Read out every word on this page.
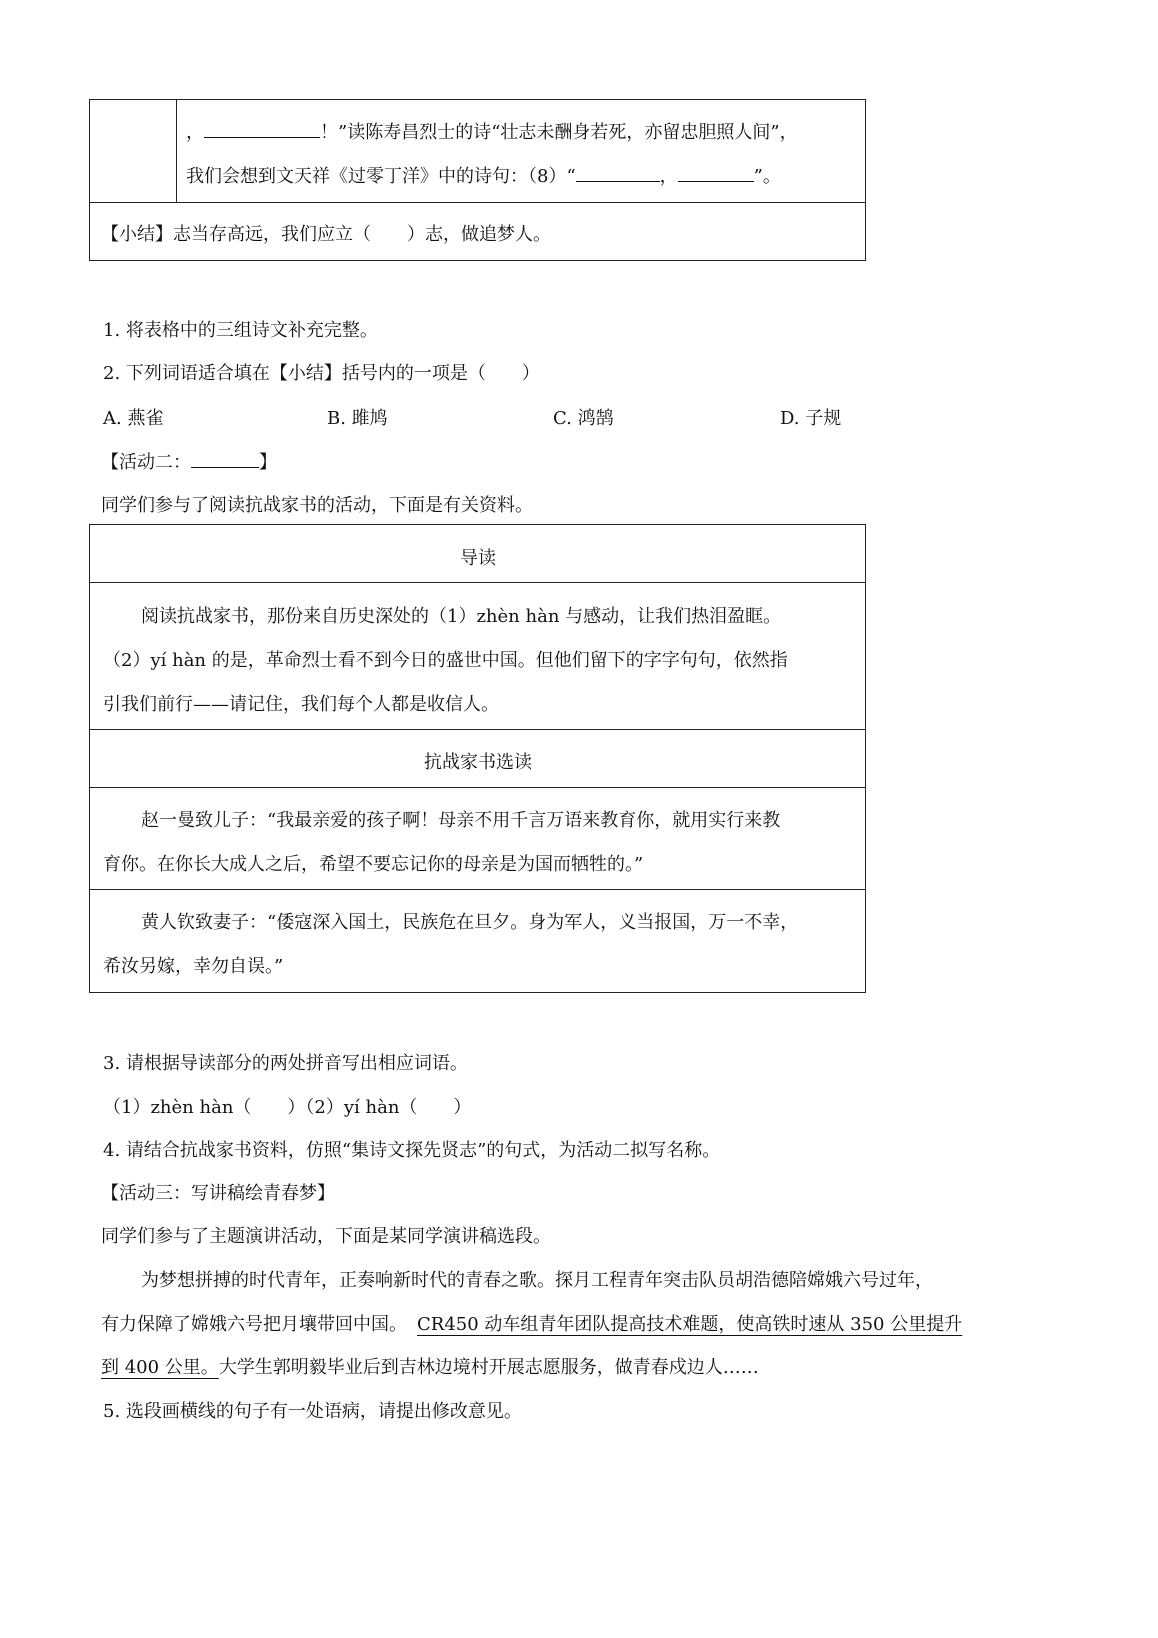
，	！”读陈寿昌烈士的诗“壮志未酬身若死，亦留忠胆照人间”，
我们会想到文天祥《过零丁洋》中的诗句：（8）“	，	”。
【小结】志当存高远，我们应立（　　）志，做追梦人。
1. 将表格中的三组诗文补充完整。
2. 下列词语适合填在【小结】括号内的一项是（　　）
A. 燕雀	B. 雎鸠	C. 鸿鹄	D. 子规
【活动二：	】
同学们参与了阅读抗战家书的活动，下面是有关资料。
导读
阅读抗战家书，那份来自历史深处的（1）zhèn hàn 与感动，让我们热泪盈眶。
（2）yí hàn 的是，革命烈士看不到今日的盛世中国。但他们留下的字字句句，依然指
引我们前行——请记住，我们每个人都是收信人。
抗战家书选读
赵一曼致儿子：“我最亲爱的孩子啊！母亲不用千言万语来教育你，就用实行来教
育你。在你长大成人之后，希望不要忘记你的母亲是为国而牺牲的。”
黄人钦致妻子：“倭寇深入国土，民族危在旦夕。身为军人，义当报国，万一不幸，
希汝另嫁，幸勿自误。”
3. 请根据导读部分的两处拼音写出相应词语。
（1）zhèn hàn（　　）（2）yí hàn（　　）
4. 请结合抗战家书资料，仿照“集诗文探先贤志”的句式，为活动二拟写名称。
【活动三：写讲稿绘青春梦】
同学们参与了主题演讲活动，下面是某同学演讲稿选段。
为梦想拼搏的时代青年，正奏响新时代的青春之歌。探月工程青年突击队员胡浩德陪嫦娥六号过年，
有力保障了嫦娥六号把月壤带回中国。 CR450 动车组青年团队提高技术难题，使高铁时速从 350 公里提升
到 400 公里。大学生郭明毅毕业后到吉林边境村开展志愿服务，做青春戍边人……
5. 选段画横线的句子有一处语病，请提出修改意见。
